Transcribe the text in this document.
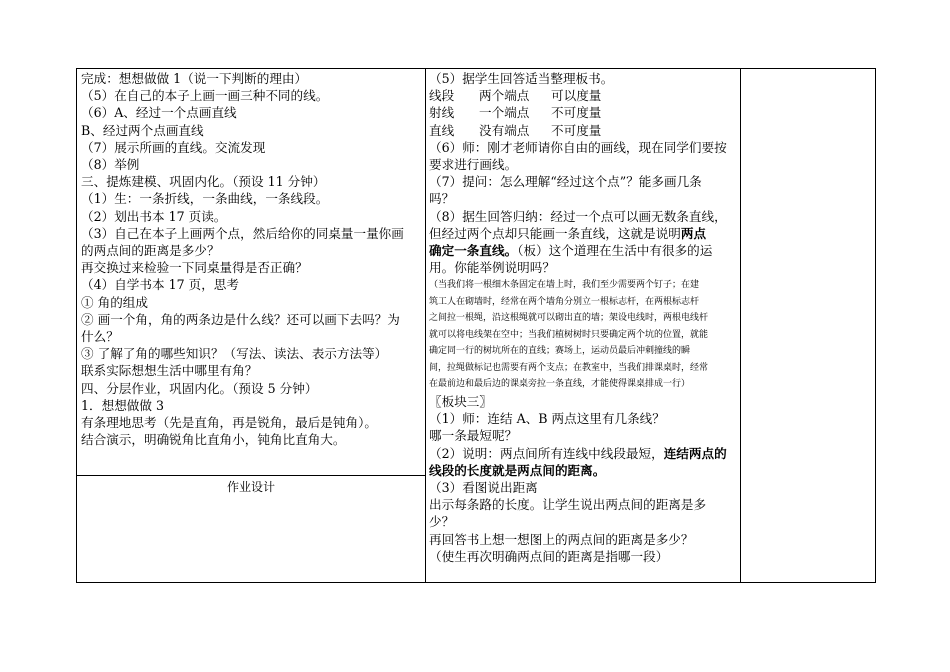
完成：想想做做 1（说一下判断的理由）
（5）在自己的本子上画一画三种不同的线。
（6）A、经过一个点画直线
B、经过两个点画直线
（7）展示所画的直线。交流发现
（8）举例
三、提炼建模、巩固内化。（预设 11 分钟）
（1）生：一条折线，一条曲线，一条线段。
（2）划出书本 17 页读。
（3）自己在本子上画两个点，然后给你的同桌量一量你画
的两点间的距离是多少？
再交换过来检验一下同桌量得是否正确？
（4）自学书本 17 页，思考
① 角的组成
② 画一个角，角的两条边是什么线？还可以画下去吗？为
什么？
③ 了解了角的哪些知识？（写法、读法、表示方法等）
联系实际想想生活中哪里有角？
四、分层作业，巩固内化。（预设 5 分钟）
1．想想做做 3
有条理地思考（先是直角，再是锐角，最后是钝角）。
结合演示，明确锐角比直角小，钝角比直角大。
作业设计
（5）据学生回答适当整理板书。
线段 两个端点 可以度量
射线 一个端点 不可度量
直线 没有端点 不可度量
（6）师：刚才老师请你自由的画线，现在同学们要按
要求进行画线。
（7）提问：怎么理解“经过这个点”？能多画几条
吗？
（8）据生回答归纳：经过一个点可以画无数条直线，
但经过两个点却只能画一条直线，这就是说明两点
确定一条直线。（板）这个道理在生活中有很多的运
用。你能举例说明吗？
（当我们将一根细木条固定在墙上时，我们至少需要两个钉子；在建
筑工人在砌墙时，经常在两个墙角分别立一根标志杆，在两根标志杆
之间拉一根绳，沿这根绳就可以砌出直的墙；架设电线时，两根电线杆
就可以将电线架在空中；当我们植树树时只要确定两个坑的位置，就能
确定同一行的树坑所在的直线；赛场上，运动员最后冲刺撞线的瞬
间，拉绳做标记也需要有两个支点；在教室中，当我们排课桌时，经常
在最前边和最后边的课桌旁拉一条直线，才能使得课桌排成一行）
〖板块三〗
（1）师：连结 A、B 两点这里有几条线？
哪一条最短呢？
（2）说明：两点间所有连线中线段最短，连结两点的
线段的长度就是两点间的距离。
（3）看图说出距离
出示每条路的长度。让学生说出两点间的距离是多
少？
再回答书上想一想图上的两点间的距离是多少？
（使生再次明确两点间的距离是指哪一段）
